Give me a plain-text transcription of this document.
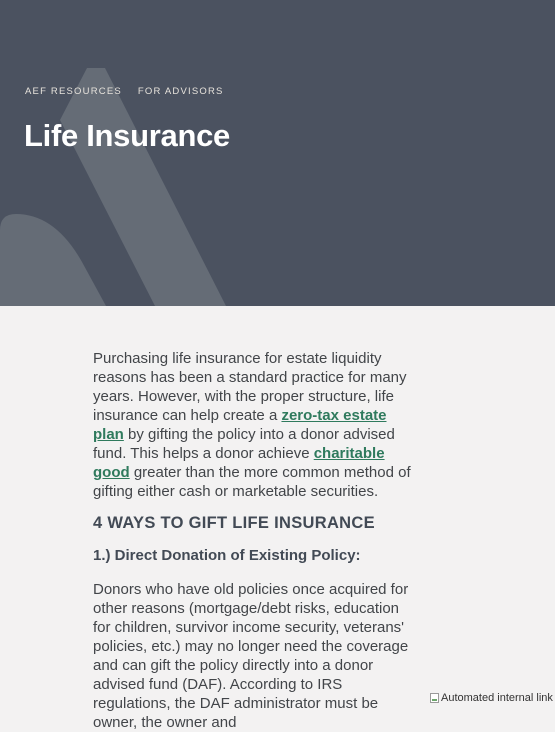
AEF RESOURCES FOR ADVISORS
Life Insurance

Purchasing life insurance for estate liquidity reasons has been a standard practice for many years. However, with the proper structure, life insurance can help create a zero-tax estate plan by gifting the policy into a donor advised fund. This helps a donor achieve charitable good greater than the more common method of gifting either cash or marketable securities.

4 WAYS TO GIFT LIFE INSURANCE
1.) Direct Donation of Existing Policy:

Donors who have old policies once acquired for other reasons (mortgage/debt risks, education for children, survivor income security, veterans' policies, etc.) may no longer need the coverage and can gift the policy directly into a donor advised fund (DAF). According to IRS regulations, the DAF administrator must be owner, the owner and

Automated internal link
